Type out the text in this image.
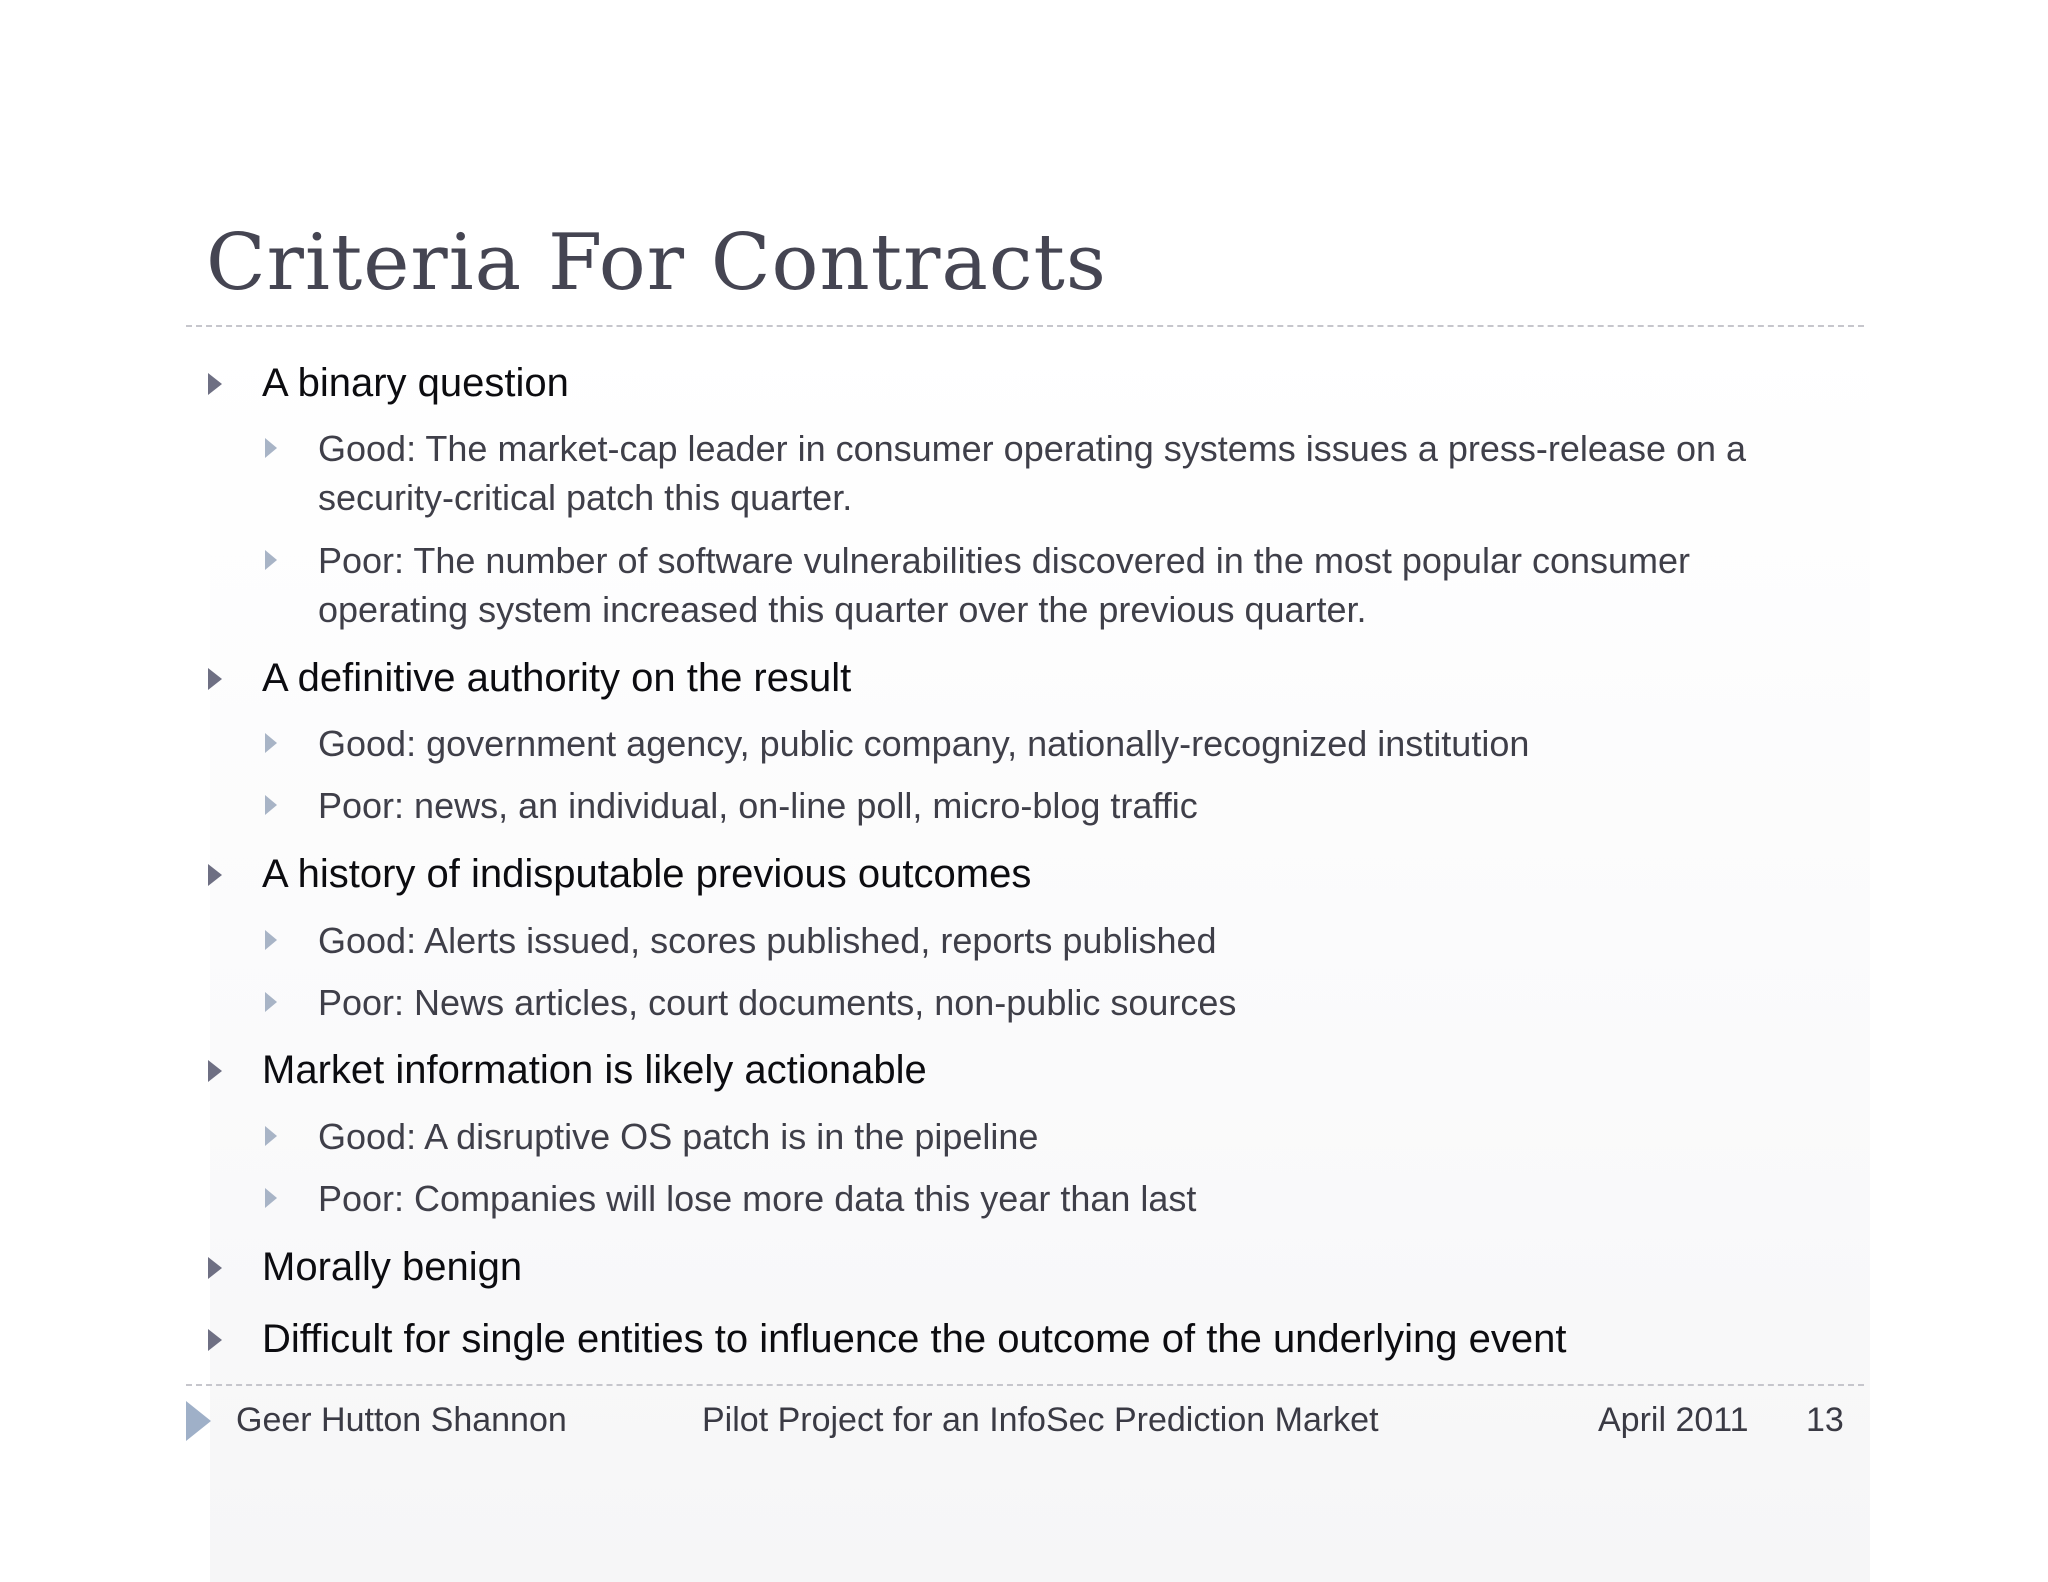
Criteria For Contracts
A binary question
Good: The market-cap leader in consumer operating systems issues a press-release on a security-critical patch this quarter.
Poor: The number of software vulnerabilities discovered in the most popular consumer operating system increased this quarter over the previous quarter.
A definitive authority on the result
Good: government agency, public company, nationally-recognized institution
Poor: news, an individual, on-line poll, micro-blog traffic
A history of indisputable previous outcomes
Good: Alerts issued, scores published, reports published
Poor: News articles, court documents, non-public sources
Market information is likely actionable
Good: A disruptive OS patch is in the pipeline
Poor: Companies will lose more data this year than last
Morally benign
Difficult for single entities to influence the outcome of the underlying event
Geer Hutton Shannon	Pilot Project for an InfoSec Prediction Market	April 2011 13
